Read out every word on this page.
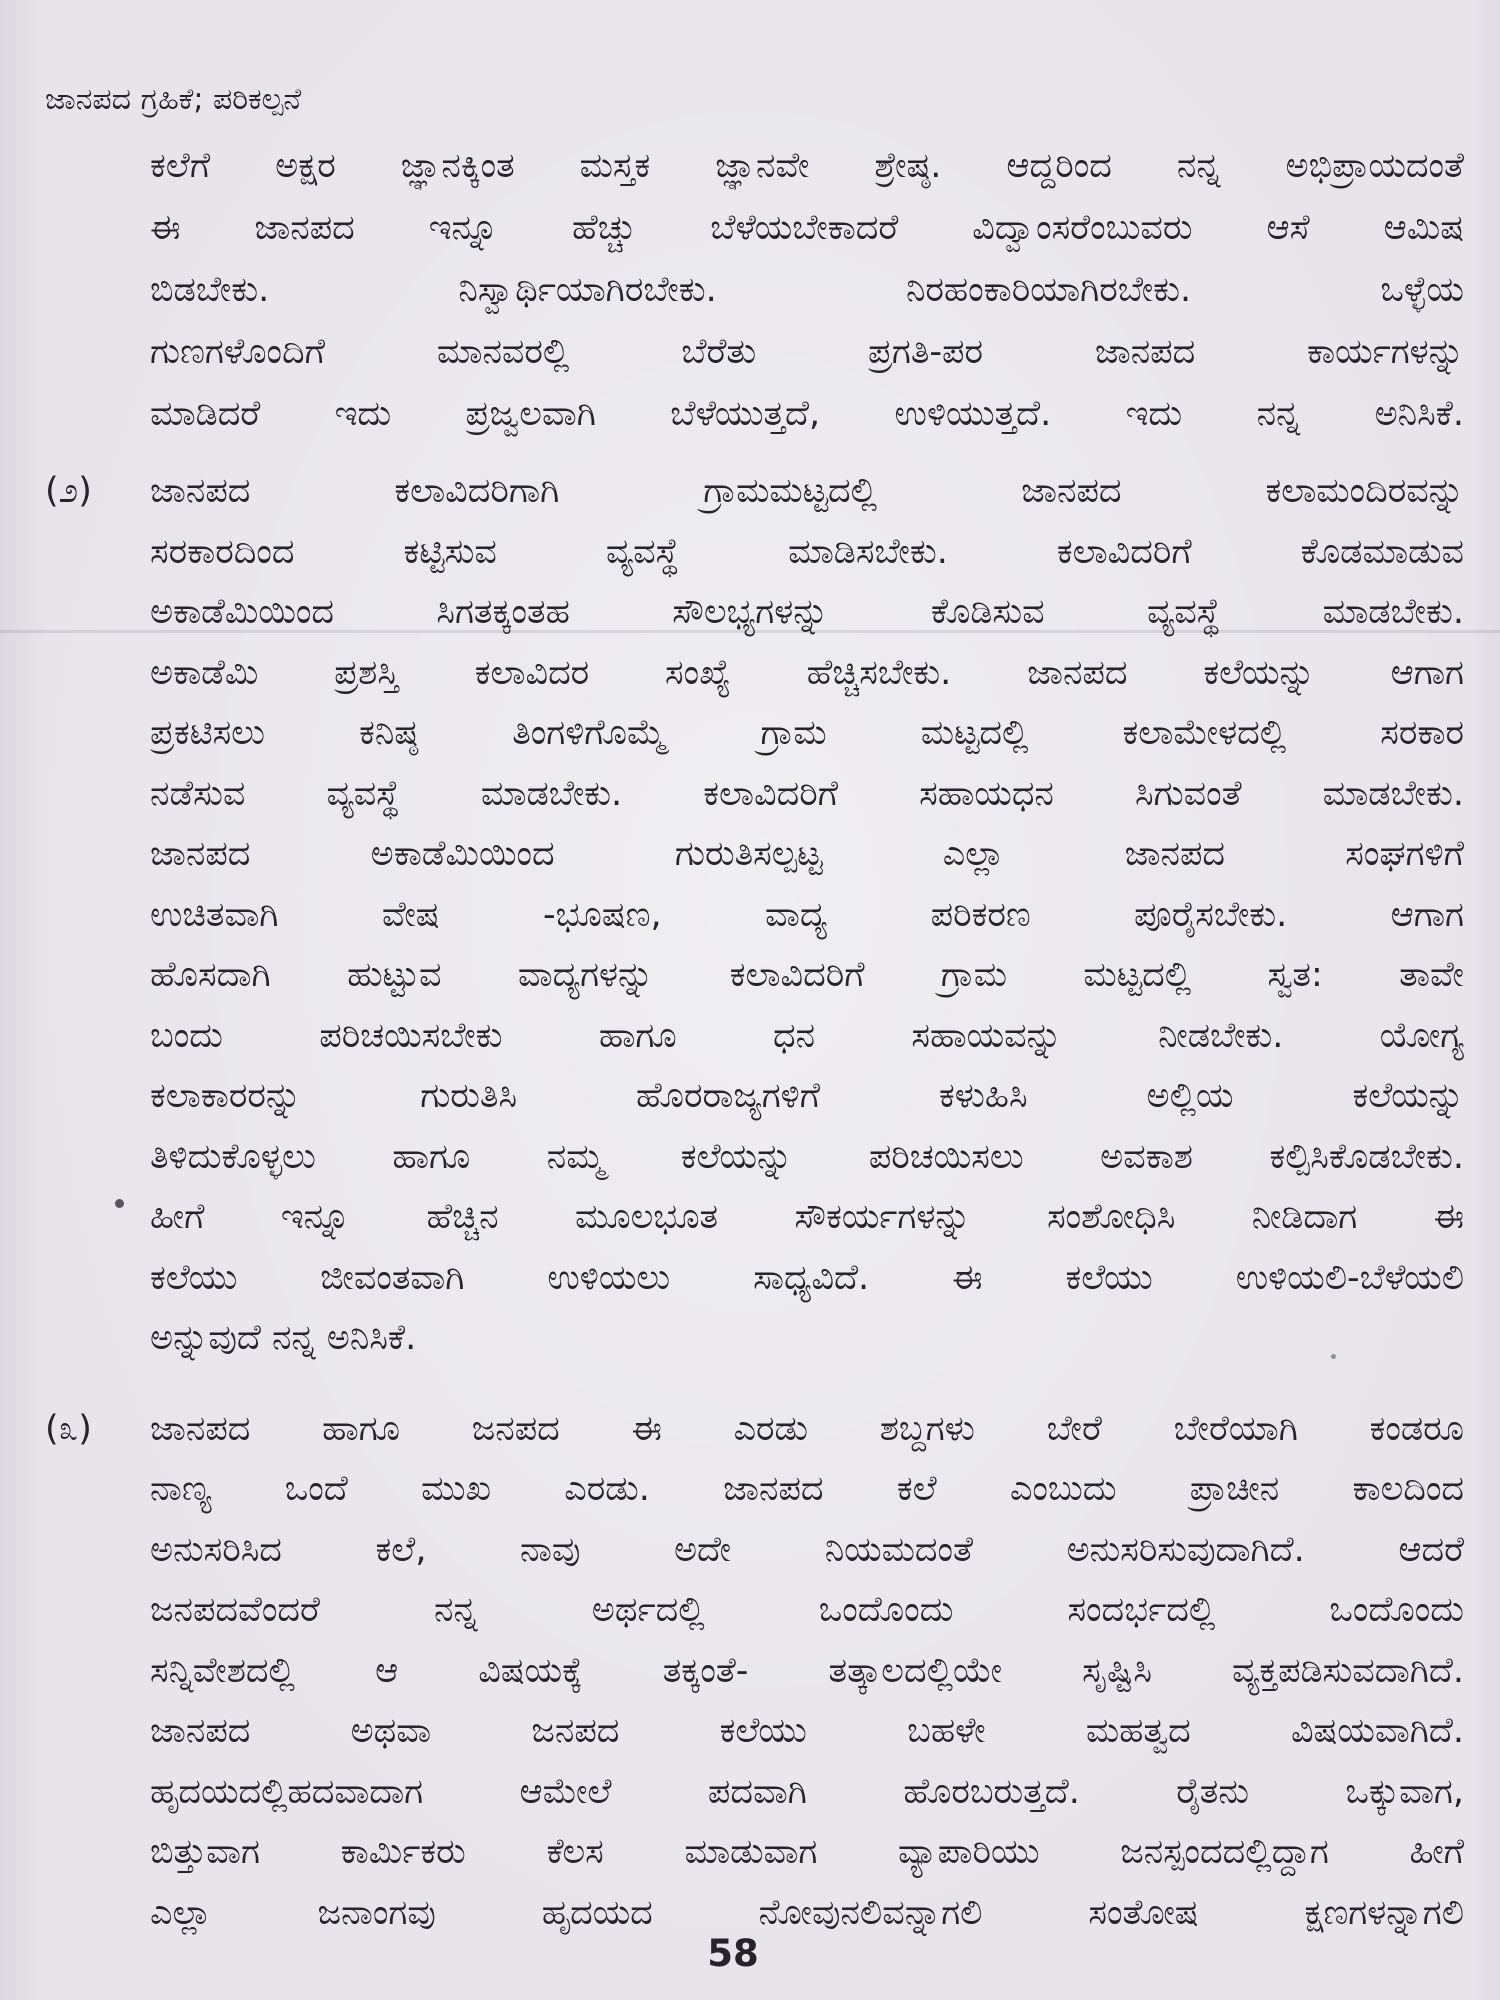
ಜಾನಪದ ಗ್ರಹಿಕೆ; ಪರಿಕಲ್ಪನೆ
ಕಲೆಗೆ ಅಕ್ಷರ ಜ್ಞಾನಕ್ಕಿಂತ ಮಸ್ತಕ ಜ್ಞಾನವೇ ಶ್ರೇಷ್ಠ. ಆದ್ದರಿಂದ ನನ್ನ ಅಭಿಪ್ರಾಯದಂತೆ
ಈ ಜಾನಪದ ಇನ್ನೂ ಹೆಚ್ಚು ಬೆಳೆಯಬೇಕಾದರೆ ವಿದ್ವಾಂಸರೆಂಬುವರು ಆಸೆ ಆಮಿಷ
ಬಿಡಬೇಕು. ನಿಸ್ವಾರ್ಥಿಯಾಗಿರಬೇಕು. ನಿರಹಂಕಾರಿಯಾಗಿರಬೇಕು. ಒಳ್ಳೆಯ
ಗುಣಗಳೊಂದಿಗೆ ಮಾನವರಲ್ಲಿ ಬೆರೆತು ಪ್ರಗತಿ-ಪರ ಜಾನಪದ ಕಾರ್ಯಗಳನ್ನು
ಮಾಡಿದರೆ ಇದು ಪ್ರಜ್ವಲವಾಗಿ ಬೆಳೆಯುತ್ತದೆ, ಉಳಿಯುತ್ತದೆ. ಇದು ನನ್ನ ಅನಿಸಿಕೆ.
(೨) ಜಾನಪದ ಕಲಾವಿದರಿಗಾಗಿ ಗ್ರಾಮಮಟ್ಟದಲ್ಲಿ ಜಾನಪದ ಕಲಾಮಂದಿರವನ್ನು
ಸರಕಾರದಿಂದ ಕಟ್ಟಿಸುವ ವ್ಯವಸ್ಥೆ ಮಾಡಿಸಬೇಕು. ಕಲಾವಿದರಿಗೆ ಕೊಡಮಾಡುವ
ಅಕಾಡೆಮಿಯಿಂದ ಸಿಗತಕ್ಕಂತಹ ಸೌಲಭ್ಯಗಳನ್ನು ಕೊಡಿಸುವ ವ್ಯವಸ್ಥೆ ಮಾಡಬೇಕು.
ಅಕಾಡೆಮಿ ಪ್ರಶಸ್ತಿ ಕಲಾವಿದರ ಸಂಖ್ಯೆ ಹೆಚ್ಚಿಸಬೇಕು. ಜಾನಪದ ಕಲೆಯನ್ನು ಆಗಾಗ
ಪ್ರಕಟಿಸಲು ಕನಿಷ್ಠ ತಿಂಗಳಿಗೊಮ್ಮೆ ಗ್ರಾಮ ಮಟ್ಟದಲ್ಲಿ ಕಲಾಮೇಳದಲ್ಲಿ ಸರಕಾರ
ನಡೆಸುವ ವ್ಯವಸ್ಥೆ ಮಾಡಬೇಕು. ಕಲಾವಿದರಿಗೆ ಸಹಾಯಧನ ಸಿಗುವಂತೆ ಮಾಡಬೇಕು.
ಜಾನಪದ ಅಕಾಡೆಮಿಯಿಂದ ಗುರುತಿಸಲ್ಪಟ್ಟ ಎಲ್ಲಾ ಜಾನಪದ ಸಂಘಗಳಿಗೆ
ಉಚಿತವಾಗಿ ವೇಷ -ಭೂಷಣ, ವಾದ್ಯ ಪರಿಕರಣ ಪೂರೈಸಬೇಕು. ಆಗಾಗ
ಹೊಸದಾಗಿ ಹುಟ್ಟುವ ವಾದ್ಯಗಳನ್ನು ಕಲಾವಿದರಿಗೆ ಗ್ರಾಮ ಮಟ್ಟದಲ್ಲಿ ಸ್ವತ: ತಾವೇ
ಬಂದು ಪರಿಚಯಿಸಬೇಕು ಹಾಗೂ ಧನ ಸಹಾಯವನ್ನು ನೀಡಬೇಕು. ಯೋಗ್ಯ
ಕಲಾಕಾರರನ್ನು ಗುರುತಿಸಿ ಹೊರರಾಜ್ಯಗಳಿಗೆ ಕಳುಹಿಸಿ ಅಲ್ಲಿಯ ಕಲೆಯನ್ನು
ತಿಳಿದುಕೊಳ್ಳಲು ಹಾಗೂ ನಮ್ಮ ಕಲೆಯನ್ನು ಪರಿಚಯಿಸಲು ಅವಕಾಶ ಕಲ್ಪಿಸಿಕೊಡಬೇಕು.
ಹೀಗೆ ಇನ್ನೂ ಹೆಚ್ಚಿನ ಮೂಲಭೂತ ಸೌಕರ್ಯಗಳನ್ನು ಸಂಶೋಧಿಸಿ ನೀಡಿದಾಗ ಈ
ಕಲೆಯು ಜೀವಂತವಾಗಿ ಉಳಿಯಲು ಸಾಧ್ಯವಿದೆ. ಈ ಕಲೆಯು ಉಳಿಯಲಿ-ಬೆಳೆಯಲಿ
ಅನ್ನುವುದೆ ನನ್ನ ಅನಿಸಿಕೆ.
(೩) ಜಾನಪದ ಹಾಗೂ ಜನಪದ ಈ ಎರಡು ಶಬ್ದಗಳು ಬೇರೆ ಬೇರೆಯಾಗಿ ಕಂಡರೂ
ನಾಣ್ಯ ಒಂದೆ ಮುಖ ಎರಡು. ಜಾನಪದ ಕಲೆ ಎಂಬುದು ಪ್ರಾಚೀನ ಕಾಲದಿಂದ
ಅನುಸರಿಸಿದ ಕಲೆ, ನಾವು ಅದೇ ನಿಯಮದಂತೆ ಅನುಸರಿಸುವುದಾಗಿದೆ. ಆದರೆ
ಜನಪದವೆಂದರೆ ನನ್ನ ಅರ್ಥದಲ್ಲಿ ಒಂದೊಂದು ಸಂದರ್ಭದಲ್ಲಿ ಒಂದೊಂದು
ಸನ್ನಿವೇಶದಲ್ಲಿ ಆ ವಿಷಯಕ್ಕೆ ತಕ್ಕಂತೆ- ತತ್ಕಾಲದಲ್ಲಿಯೇ ಸೃಷ್ಟಿಸಿ ವ್ಯಕ್ತಪಡಿಸುವದಾಗಿದೆ.
ಜಾನಪದ ಅಥವಾ ಜನಪದ ಕಲೆಯು ಬಹಳೇ ಮಹತ್ವದ ವಿಷಯವಾಗಿದೆ.
ಹೃದಯದಲ್ಲಿಹದವಾದಾಗ ಆಮೇಲೆ ಪದವಾಗಿ ಹೊರಬರುತ್ತದೆ. ರೈತನು ಒಕ್ಕುವಾಗ,
ಬಿತ್ತುವಾಗ ಕಾರ್ಮಿಕರು ಕೆಲಸ ಮಾಡುವಾಗ ವ್ಯಾಪಾರಿಯು ಜನಸ್ಪಂದದಲ್ಲಿದ್ದಾಗ ಹೀಗೆ
ಎಲ್ಲಾ ಜನಾಂಗವು ಹೃದಯದ ನೋವುನಲಿವನ್ನಾಗಲಿ ಸಂತೋಷ ಕ್ಷಣಗಳನ್ನಾಗಲಿ
58
